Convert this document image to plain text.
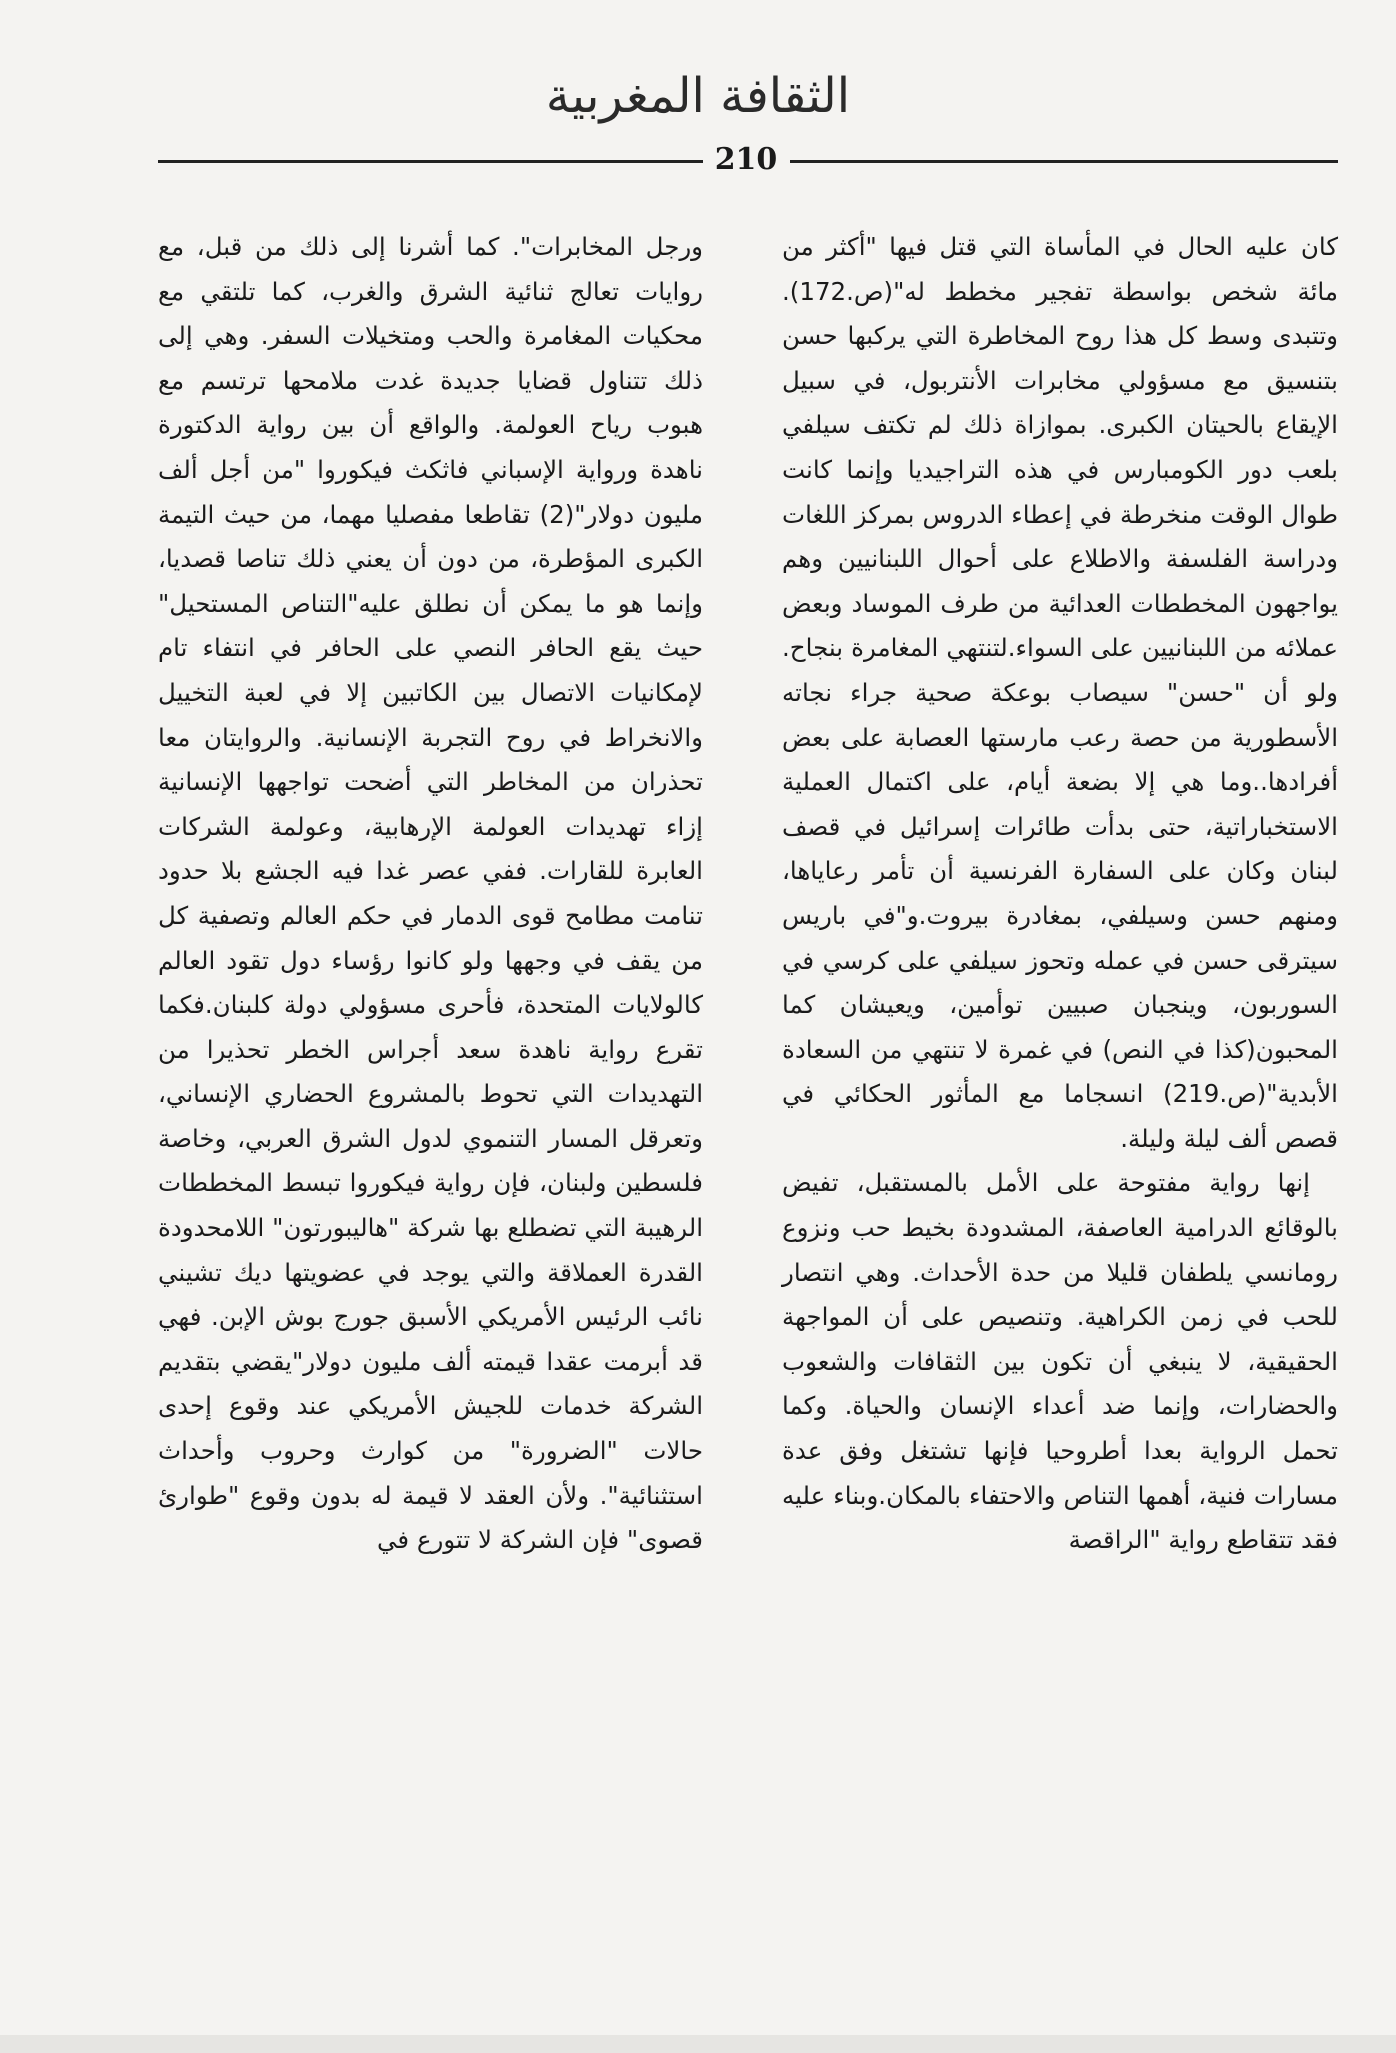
الثقافة المغربية
210

كان عليه الحال في المأساة التي قتل فيها "أكثر من مائة شخص بواسطة تفجير مخطط له"(ص.172). وتتبدى وسط كل هذا روح المخاطرة التي يركبها حسن بتنسيق مع مسؤولي مخابرات الأنتربول، في سبيل الإيقاع بالحيتان الكبرى. بموازاة ذلك لم تكتف سيلفي بلعب دور الكومبارس في هذه التراجيديا وإنما كانت طوال الوقت منخرطة في إعطاء الدروس بمركز اللغات ودراسة الفلسفة والاطلاع على أحوال اللبنانيين وهم يواجهون المخططات العدائية من طرف الموساد وبعض عملائه من اللبنانيين على السواء.لتنتهي المغامرة بنجاح. ولو أن "حسن" سيصاب بوعكة صحية جراء نجاته الأسطورية من حصة رعب مارستها العصابة على بعض أفرادها..وما هي إلا بضعة أيام، على اكتمال العملية الاستخباراتية، حتى بدأت طائرات إسرائيل في قصف لبنان وكان على السفارة الفرنسية أن تأمر رعاياها، ومنهم حسن وسيلفي، بمغادرة بيروت.و"في باريس سيترقى حسن في عمله وتحوز سيلفي على كرسي في السوربون، وينجبان صبيين توأمين، ويعيشان كما المحبون(كذا في النص) في غمرة لا تنتهي من السعادة الأبدية"(ص.219) انسجاما مع المأثور الحكائي في قصص ألف ليلة وليلة.

إنها رواية مفتوحة على الأمل بالمستقبل، تفيض بالوقائع الدرامية العاصفة، المشدودة بخيط حب ونزوع رومانسي يلطفان قليلا من حدة الأحداث. وهي انتصار للحب في زمن الكراهية. وتنصيص على أن المواجهة الحقيقية، لا ينبغي أن تكون بين الثقافات والشعوب والحضارات، وإنما ضد أعداء الإنسان والحياة. وكما تحمل الرواية بعدا أطروحيا فإنها تشتغل وفق عدة مسارات فنية، أهمها التناص والاحتفاء بالمكان.وبناء عليه فقد تتقاطع رواية "الراقصة

ورجل المخابرات". كما أشرنا إلى ذلك من قبل، مع روايات تعالج ثنائية الشرق والغرب، كما تلتقي مع محكيات المغامرة والحب ومتخيلات السفر. وهي إلى ذلك تتناول قضايا جديدة غدت ملامحها ترتسم مع هبوب رياح العولمة. والواقع أن بين رواية الدكتورة ناهدة ورواية الإسباني فاثكث فيكوروا "من أجل ألف مليون دولار"(2) تقاطعا مفصليا مهما، من حيث التيمة الكبرى المؤطرة، من دون أن يعني ذلك تناصا قصديا، وإنما هو ما يمكن أن نطلق عليه"التناص المستحيل" حيث يقع الحافر النصي على الحافر في انتفاء تام لإمكانيات الاتصال بين الكاتبين إلا في لعبة التخييل والانخراط في روح التجربة الإنسانية. والروايتان معا تحذران من المخاطر التي أضحت تواجهها الإنسانية إزاء تهديدات العولمة الإرهابية، وعولمة الشركات العابرة للقارات. ففي عصر غدا فيه الجشع بلا حدود تنامت مطامح قوى الدمار في حكم العالم وتصفية كل من يقف في وجهها ولو كانوا رؤساء دول تقود العالم كالولايات المتحدة، فأحرى مسؤولي دولة كلبنان.فكما تقرع رواية ناهدة سعد أجراس الخطر تحذيرا من التهديدات التي تحوط بالمشروع الحضاري الإنساني، وتعرقل المسار التنموي لدول الشرق العربي، وخاصة فلسطين ولبنان، فإن رواية فيكوروا تبسط المخططات الرهيبة التي تضطلع بها شركة "هاليبورتون" اللامحدودة القدرة العملاقة والتي يوجد في عضويتها ديك تشيني نائب الرئيس الأمريكي الأسبق جورج بوش الإبن. فهي قد أبرمت عقدا قيمته ألف مليون دولار"يقضي بتقديم الشركة خدمات للجيش الأمريكي عند وقوع إحدى حالات "الضرورة" من كوارث وحروب وأحداث استثنائية". ولأن العقد لا قيمة له بدون وقوع "طوارئ قصوى" فإن الشركة لا تتورع في
